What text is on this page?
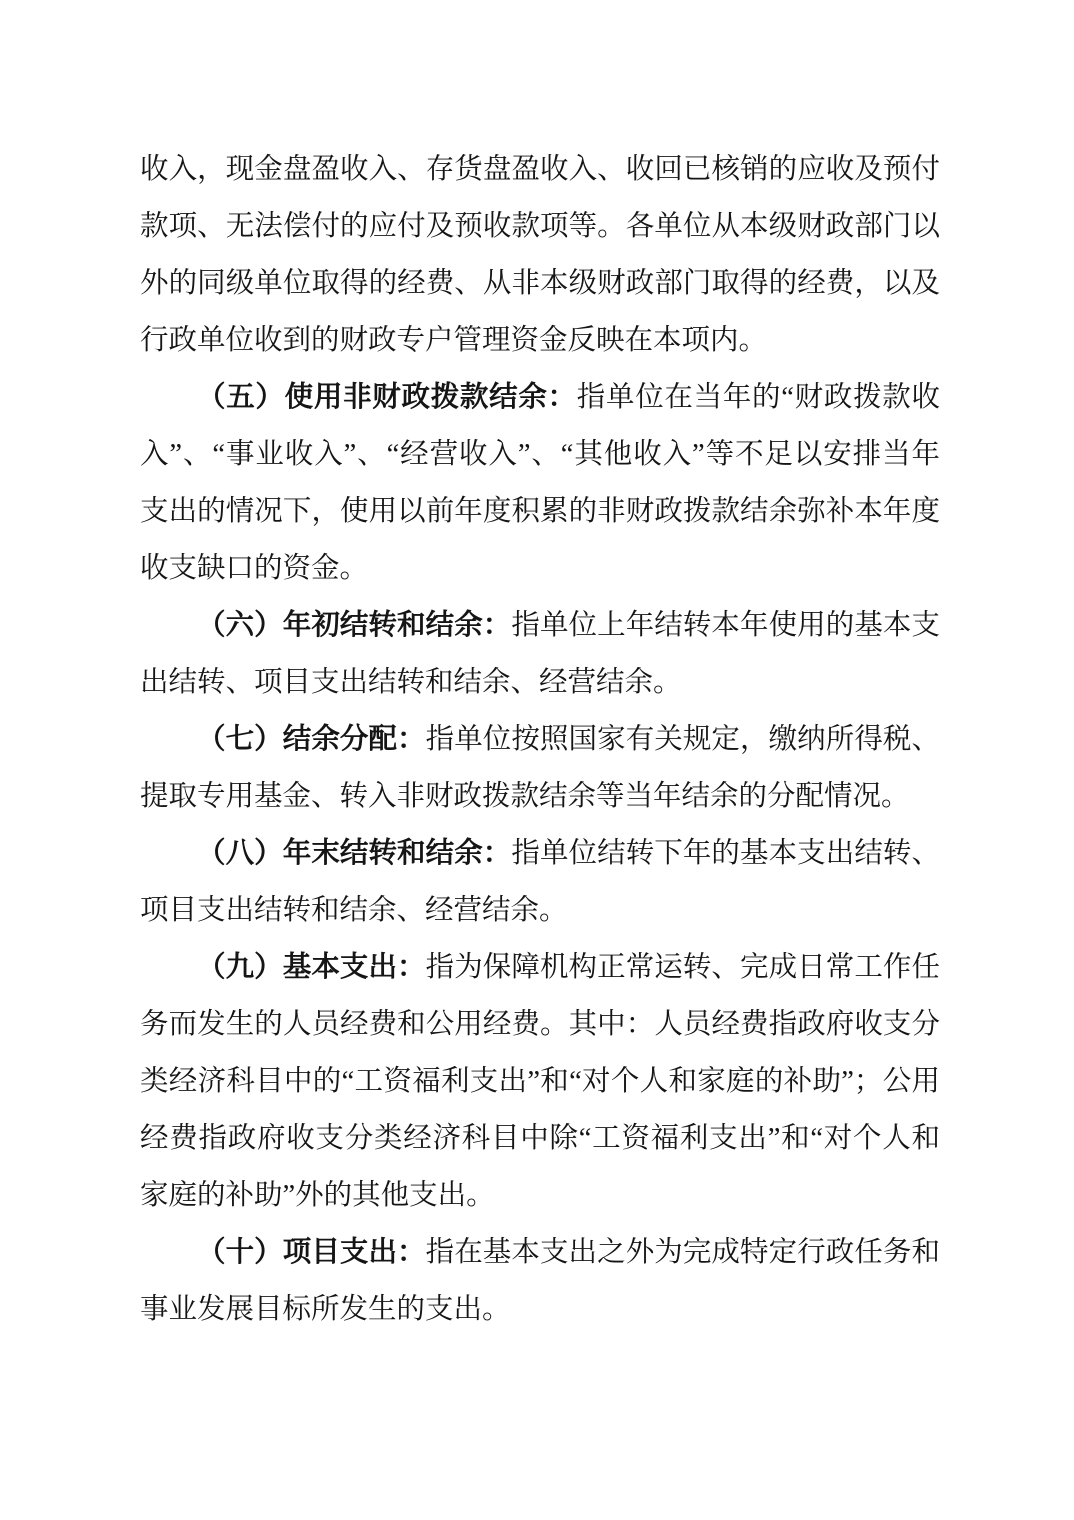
收入，现金盘盈收入、存货盘盈收入、收回已核销的应收及预付款项、无法偿付的应付及预收款项等。各单位从本级财政部门以外的同级单位取得的经费、从非本级财政部门取得的经费，以及行政单位收到的财政专户管理资金反映在本项内。

（五）使用非财政拨款结余：指单位在当年的“财政拨款收入”、“事业收入”、“经营收入”、“其他收入”等不足以安排当年支出的情况下，使用以前年度积累的非财政拨款结余弥补本年度收支缺口的资金。

（六）年初结转和结余：指单位上年结转本年使用的基本支出结转、项目支出结转和结余、经营结余。

（七）结余分配：指单位按照国家有关规定，缴纳所得税、提取专用基金、转入非财政拨款结余等当年结余的分配情况。

（八）年末结转和结余：指单位结转下年的基本支出结转、项目支出结转和结余、经营结余。

（九）基本支出：指为保障机构正常运转、完成日常工作任务而发生的人员经费和公用经费。其中：人员经费指政府收支分类经济科目中的“工资福利支出”和“对个人和家庭的补助”；公用经费指政府收支分类经济科目中除“工资福利支出”和“对个人和家庭的补助”外的其他支出。

（十）项目支出：指在基本支出之外为完成特定行政任务和事业发展目标所发生的支出。
